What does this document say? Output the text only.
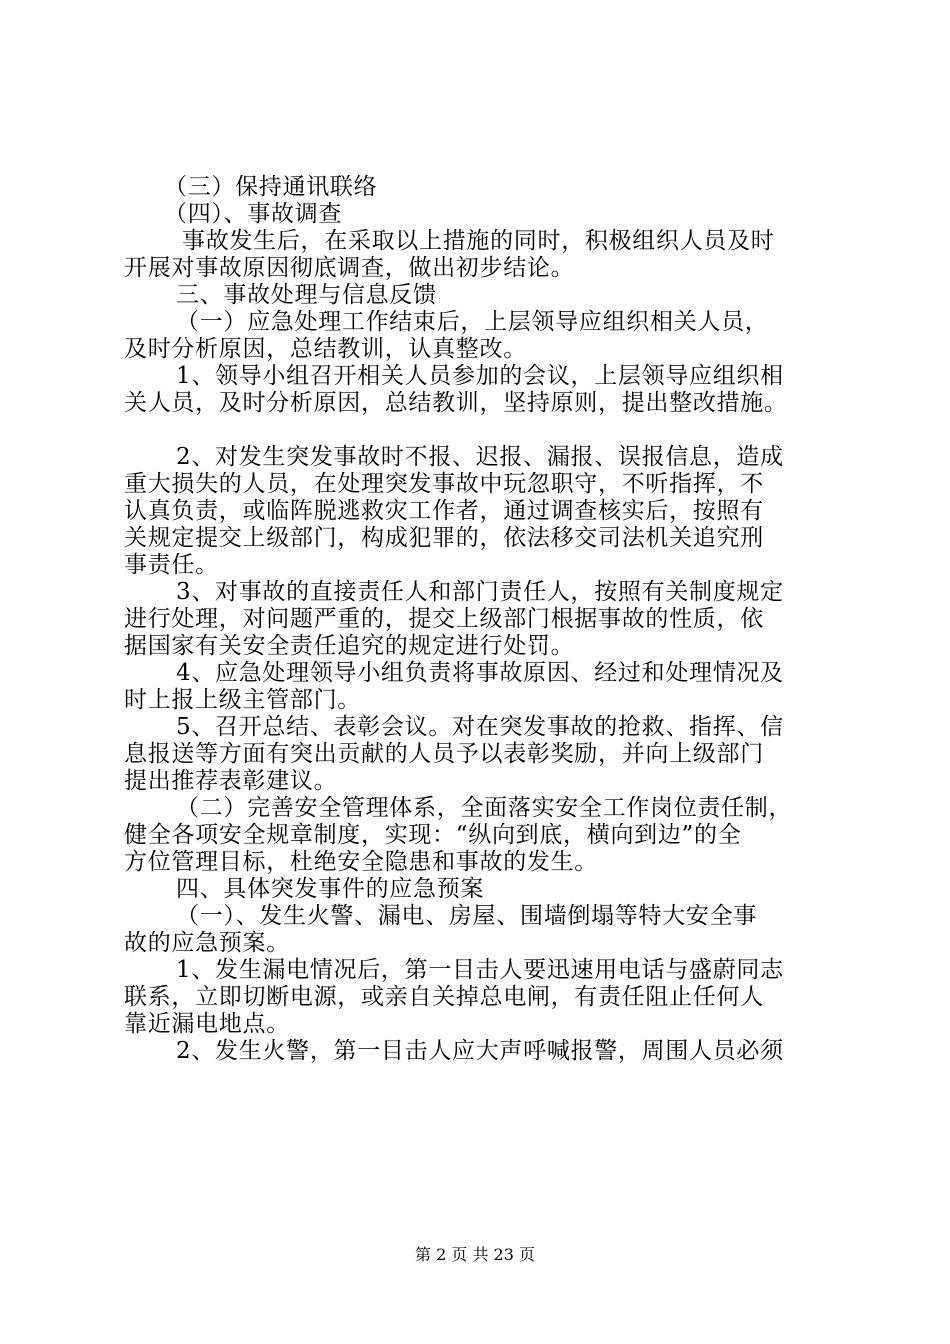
（三）保持通讯联络
（四）、事故调查
事故发生后，在采取以上措施的同时，积极组织人员及时
开展对事故原因彻底调查，做出初步结论。
三、事故处理与信息反馈
（一）应急处理工作结束后，上层领导应组织相关人员，
及时分析原因，总结教训，认真整改。
1、领导小组召开相关人员参加的会议，上层领导应组织相
关人员，及时分析原因，总结教训，坚持原则，提出整改措施。
2、对发生突发事故时不报、迟报、漏报、误报信息，造成
重大损失的人员，在处理突发事故中玩忽职守，不听指挥，不
认真负责，或临阵脱逃救灾工作者，通过调查核实后，按照有
关规定提交上级部门，构成犯罪的，依法移交司法机关追究刑
事责任。
3、对事故的直接责任人和部门责任人，按照有关制度规定
进行处理，对问题严重的，提交上级部门根据事故的性质，依
据国家有关安全责任追究的规定进行处罚。
4、应急处理领导小组负责将事故原因、经过和处理情况及
时上报上级主管部门。
5、召开总结、表彰会议。对在突发事故的抢救、指挥、信
息报送等方面有突出贡献的人员予以表彰奖励，并向上级部门
提出推荐表彰建议。
（二）完善安全管理体系，全面落实安全工作岗位责任制，
健全各项安全规章制度，实现：“纵向到底，横向到边”的全
方位管理目标，杜绝安全隐患和事故的发生。
四、具体突发事件的应急预案
（一）、发生火警、漏电、房屋、围墙倒塌等特大安全事
故的应急预案。
1、发生漏电情况后，第一目击人要迅速用电话与盛蔚同志
联系，立即切断电源，或亲自关掉总电闸，有责任阻止任何人
靠近漏电地点。
2、发生火警，第一目击人应大声呼喊报警，周围人员必须
第 2 页 共 23 页
